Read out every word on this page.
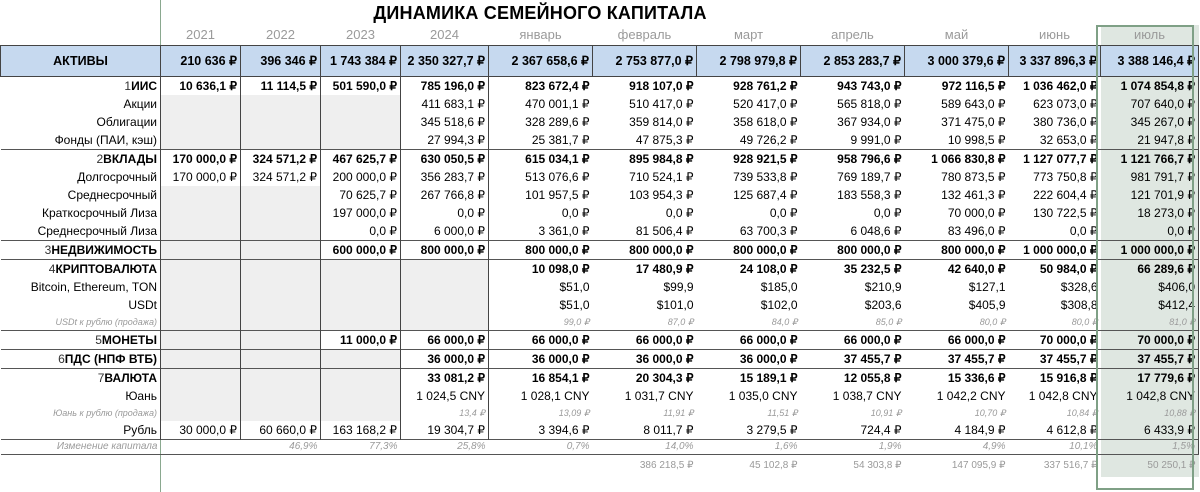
ДИНАМИКА СЕМЕЙНОГО КАПИТАЛА
	2021	2022	2023	2024	январь	февраль	март	апрель	май	июнь	июль
АКТИВЫ	210 636 ₽	396 346 ₽	1 743 384 ₽	2 350 327,7 ₽	2 367 658,6 ₽	2 753 877,0 ₽	2 798 979,8 ₽	2 853 283,7 ₽	3 000 379,6 ₽	3 337 896,3 ₽	3 388 146,4 ₽
1ИИС	10 636,1 ₽	11 114,5 ₽	501 590,0 ₽	785 196,0 ₽	823 672,4 ₽	918 107,0 ₽	928 761,2 ₽	943 743,0 ₽	972 116,5 ₽	1 036 462,0 ₽	1 074 854,8 ₽
Акции				411 683,1 ₽	470 001,1 ₽	510 417,0 ₽	520 417,0 ₽	565 818,0 ₽	589 643,0 ₽	623 073,0 ₽	707 640,0 ₽
Облигации				345 518,6 ₽	328 289,6 ₽	359 814,0 ₽	358 618,0 ₽	367 934,0 ₽	371 475,0 ₽	380 736,0 ₽	345 267,0 ₽
Фонды (ПАИ, кэш)				27 994,3 ₽	25 381,7 ₽	47 875,3 ₽	49 726,2 ₽	9 991,0 ₽	10 998,5 ₽	32 653,0 ₽	21 947,8 ₽
2ВКЛАДЫ	170 000,0 ₽	324 571,2 ₽	467 625,7 ₽	630 050,5 ₽	615 034,1 ₽	895 984,8 ₽	928 921,5 ₽	958 796,6 ₽	1 066 830,8 ₽	1 127 077,7 ₽	1 121 766,7 ₽
Долгосрочный	170 000,0 ₽	324 571,2 ₽	200 000,0 ₽	356 283,7 ₽	513 076,6 ₽	710 524,1 ₽	739 533,8 ₽	769 189,7 ₽	780 873,5 ₽	773 750,8 ₽	981 791,7 ₽
Среднесрочный			70 625,7 ₽	267 766,8 ₽	101 957,5 ₽	103 954,3 ₽	125 687,4 ₽	183 558,3 ₽	132 461,3 ₽	222 604,4 ₽	121 701,9 ₽
Краткосрочный Лиза			197 000,0 ₽	0,0 ₽	0,0 ₽	0,0 ₽	0,0 ₽	0,0 ₽	70 000,0 ₽	130 722,5 ₽	18 273,0 ₽
Среднесрочный Лиза			0,0 ₽	6 000,0 ₽	3 361,0 ₽	81 506,4 ₽	63 700,3 ₽	6 048,6 ₽	83 496,0 ₽	0,0 ₽	0,0 ₽
3НЕДВИЖИМОСТЬ			600 000,0 ₽	800 000,0 ₽	800 000,0 ₽	800 000,0 ₽	800 000,0 ₽	800 000,0 ₽	800 000,0 ₽	1 000 000,0 ₽	1 000 000,0 ₽
4КРИПТОВАЛЮТА					10 098,0 ₽	17 480,9 ₽	24 108,0 ₽	35 232,5 ₽	42 640,0 ₽	50 984,0 ₽	66 289,6 ₽
Bitcoin, Ethereum, TON					$51,0	$99,9	$185,0	$210,9	$127,1	$328,6	$406,0
USDt					$51,0	$101,0	$102,0	$203,6	$405,9	$308,8	$412,4
USDt к рублю (продажа)					99,0 ₽	87,0 ₽	84,0 ₽	85,0 ₽	80,0 ₽	80,0 ₽	81,0 ₽
5МОНЕТЫ			11 000,0 ₽	66 000,0 ₽	66 000,0 ₽	66 000,0 ₽	66 000,0 ₽	66 000,0 ₽	66 000,0 ₽	70 000,0 ₽	70 000,0 ₽
6ПДС (НПФ ВТБ)				36 000,0 ₽	36 000,0 ₽	36 000,0 ₽	36 000,0 ₽	37 455,7 ₽	37 455,7 ₽	37 455,7 ₽	37 455,7 ₽
7ВАЛЮТА				33 081,2 ₽	16 854,1 ₽	20 304,3 ₽	15 189,1 ₽	12 055,8 ₽	15 336,6 ₽	15 916,8 ₽	17 779,6 ₽
Юань				1 024,5 CNY	1 028,1 CNY	1 031,7 CNY	1 035,0 CNY	1 038,7 CNY	1 042,2 CNY	1 042,8 CNY	1 042,8 CNY
Юань к рублю (продажа)				13,4 ₽	13,09 ₽	11,91 ₽	11,51 ₽	10,91 ₽	10,70 ₽	10,84 ₽	10,88 ₽
Рубль	30 000,0 ₽	60 660,0 ₽	163 168,2 ₽	19 304,7 ₽	3 394,6 ₽	8 011,7 ₽	3 279,5 ₽	724,4 ₽	4 184,9 ₽	4 612,8 ₽	6 433,9 ₽
Изменение капитала		46,9%	77,3%	25,8%	0,7%	14,0%	1,6%	1,9%	4,9%	10,1%	1,5%
						386 218,5 ₽	45 102,8 ₽	54 303,8 ₽	147 095,9 ₽	337 516,7 ₽	50 250,1 ₽
